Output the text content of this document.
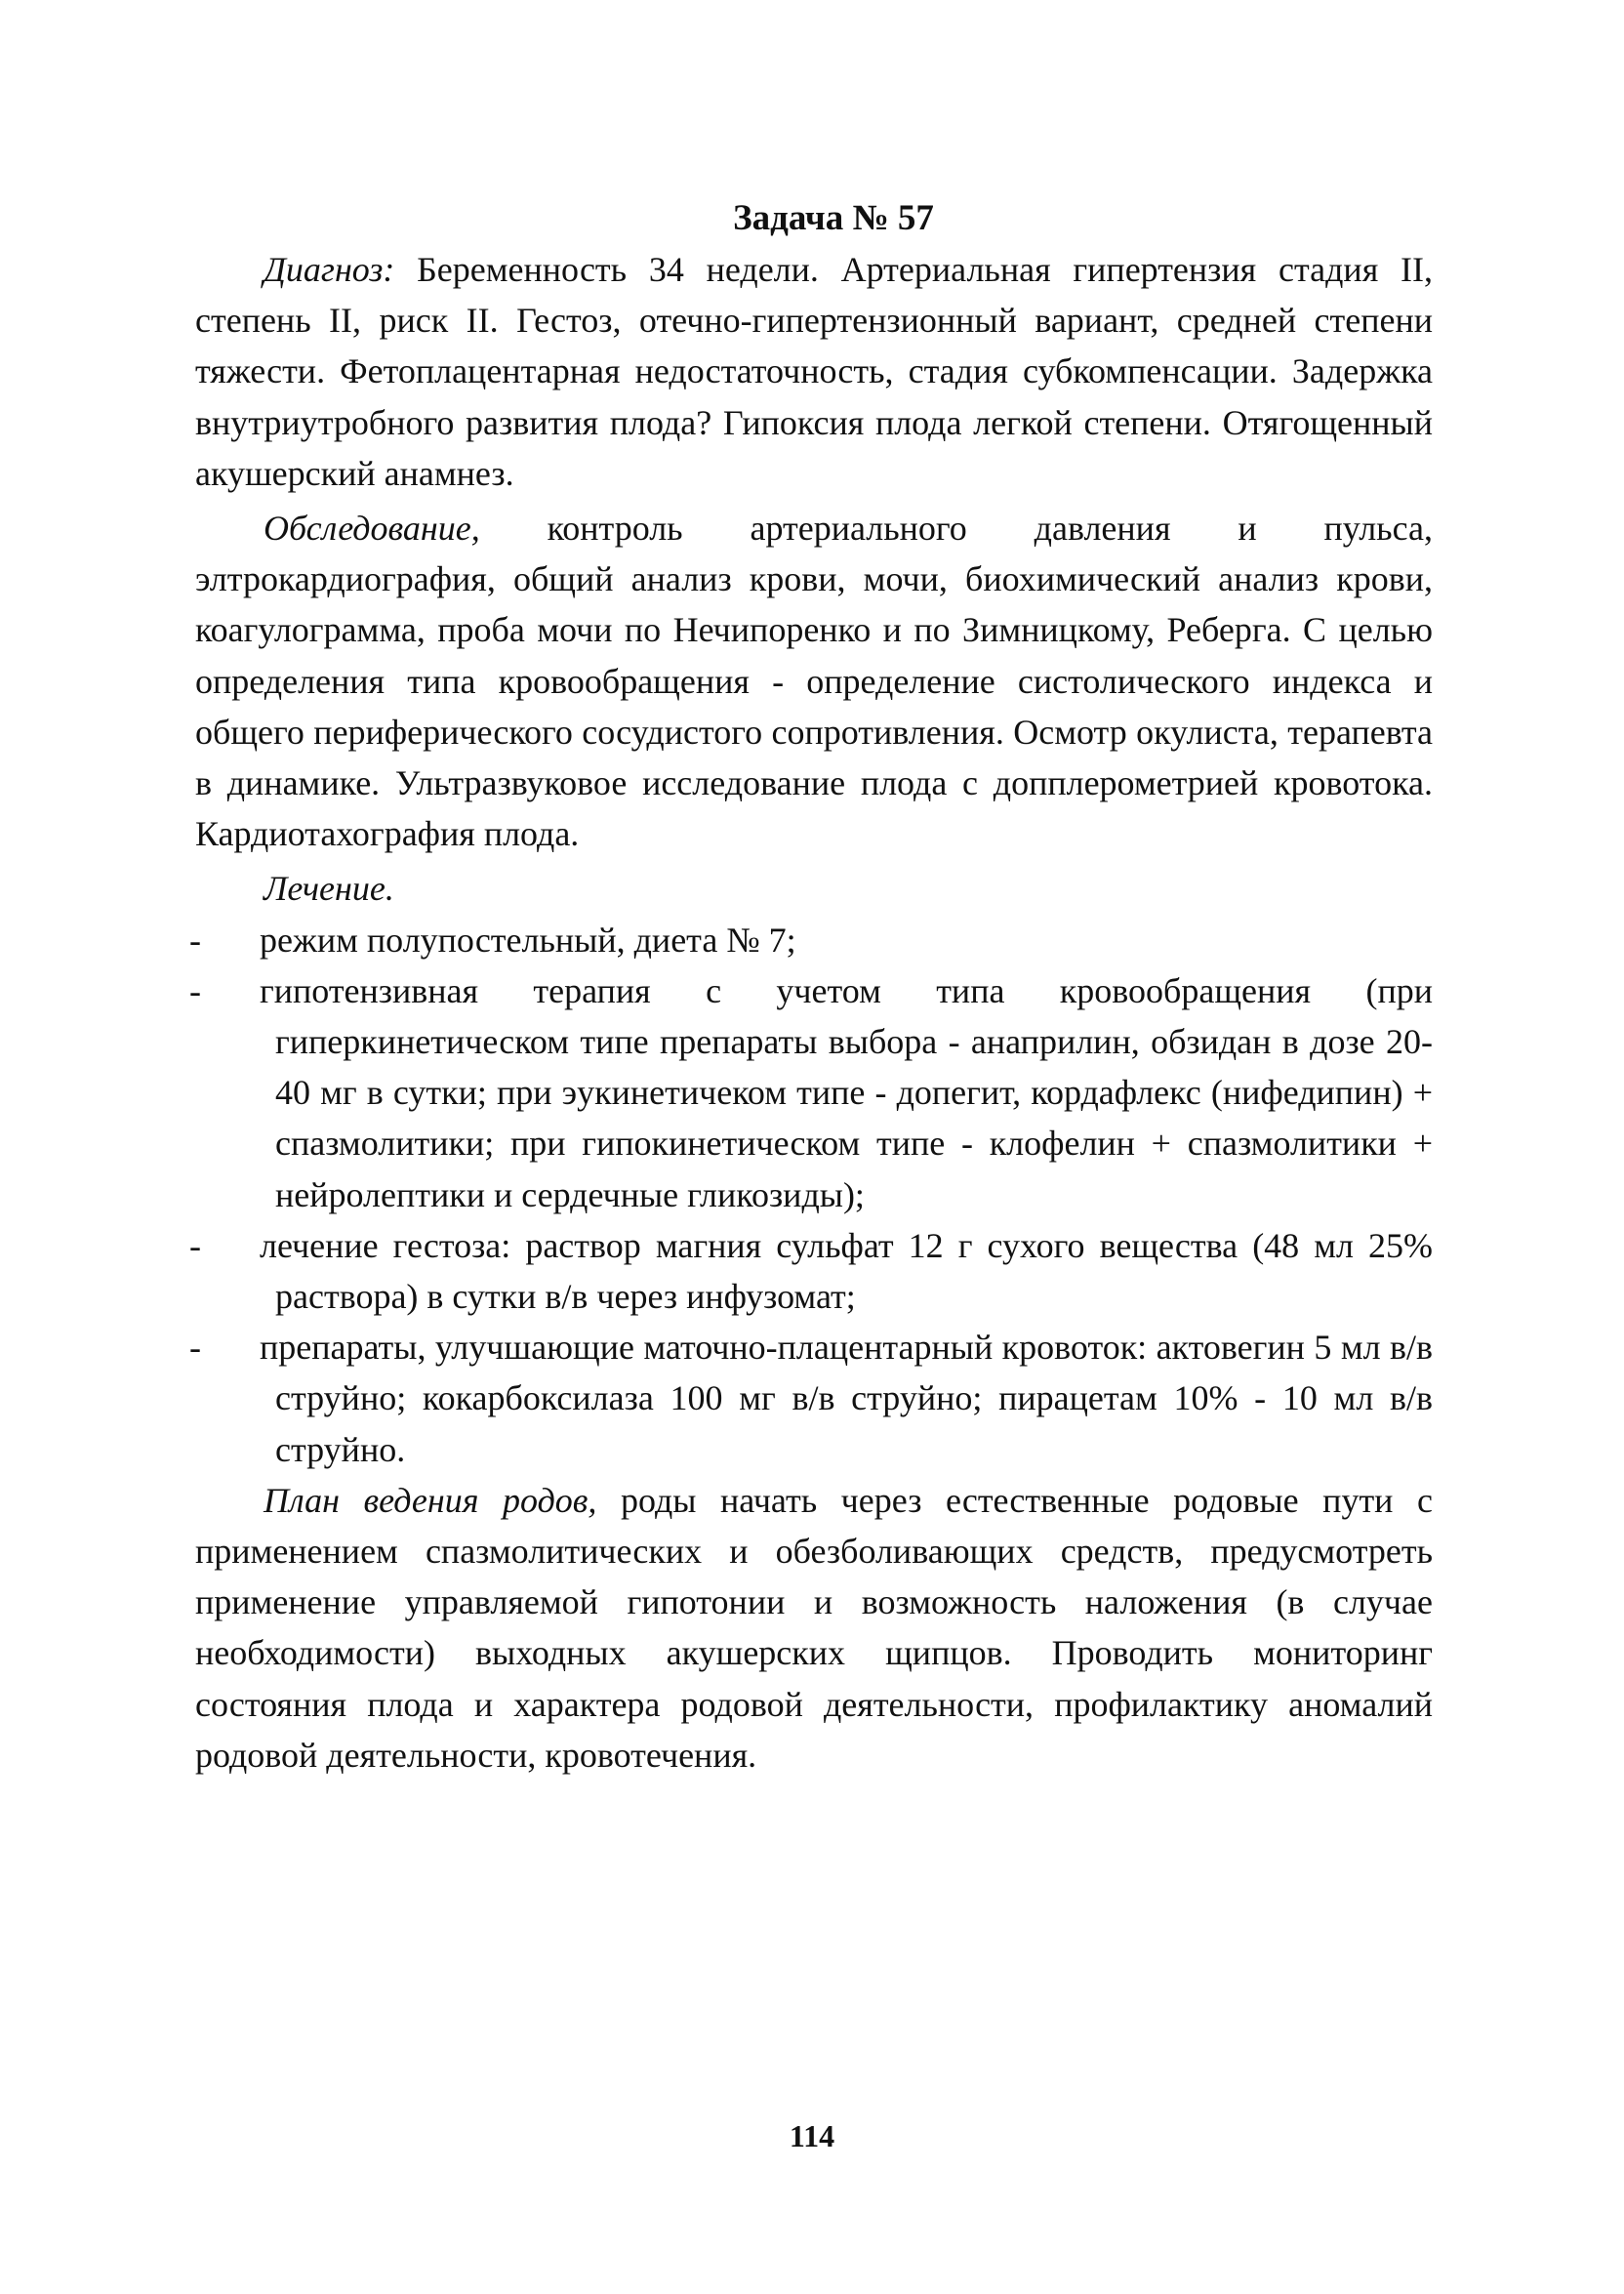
Задача № 57

Диагноз: Беременность 34 недели. Артериальная гипертензия стадия II, степень II, риск II. Гестоз, отечно-гипертензионный вариант, средней степени тяжести. Фетоплацентарная недостаточность, стадия субкомпенсации. Задержка внутриутробного развития плода? Гипоксия плода легкой степени. Отягощенный акушерский анамнез.

Обследование, контроль артериального давления и пульса, элтрокардиография, общий анализ крови, мочи, биохимический анализ крови, коагулограмма, проба мочи по Нечипоренко и по Зимницкому, Реберга. С целью определения типа кровообращения - определение систолического индекса и общего периферического сосудистого сопротивления. Осмотр окулиста, терапевта в динамике. Ультразвуковое исследование плода с допплерометрией кровотока. Кардиотахография плода.

Лечение.
- режим полупостельный, диета № 7;
- гипотензивная терапия с учетом типа кровообращения (при гиперкинетическом типе препараты выбора - анаприлин, обзидан в дозе 20-40 мг в сутки; при эукинетичеком типе - допегит, кордафлекс (нифедипин) + спазмолитики; при гипокинетическом типе - клофелин + спазмолитики + нейролептики и сердечные гликозиды);
- лечение гестоза: раствор магния сульфат 12 г сухого вещества (48 мл 25% раствора) в сутки в/в через инфузомат;
- препараты, улучшающие маточно-плацентарный кровоток: актовегин 5 мл в/в струйно; кокарбоксилаза 100 мг в/в струйно; пирацетам 10% - 10 мл в/в струйно.

План ведения родов, роды начать через естественные родовые пути с применением спазмолитических и обезболивающих средств, предусмотреть применение управляемой гипотонии и возможность наложения (в случае необходимости) выходных акушерских щипцов. Проводить мониторинг состояния плода и характера родовой деятельности, профилактику аномалий родовой деятельности, кровотечения.

114
